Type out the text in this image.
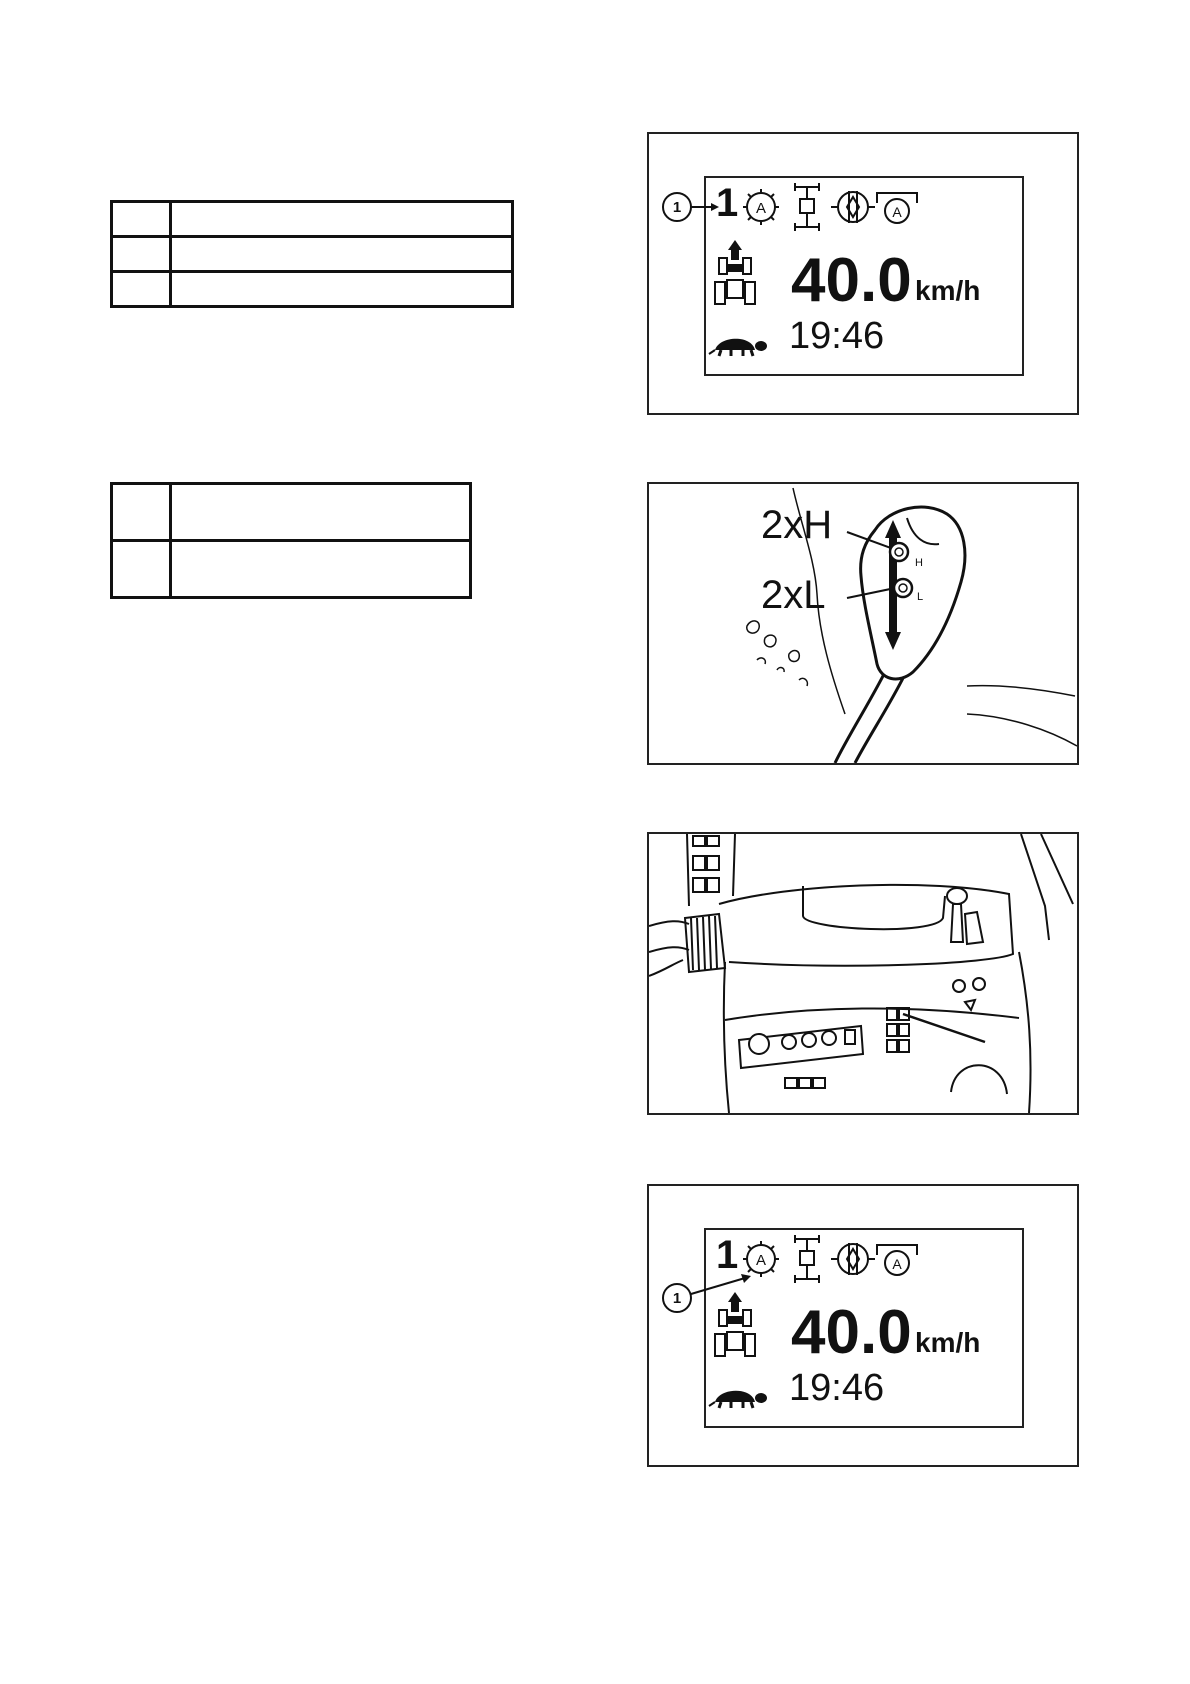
1 1 A	A
40.0 km/h
19:46
H
L
2xH
2xL
1 A	A
1 40.0 km/h
19:46
